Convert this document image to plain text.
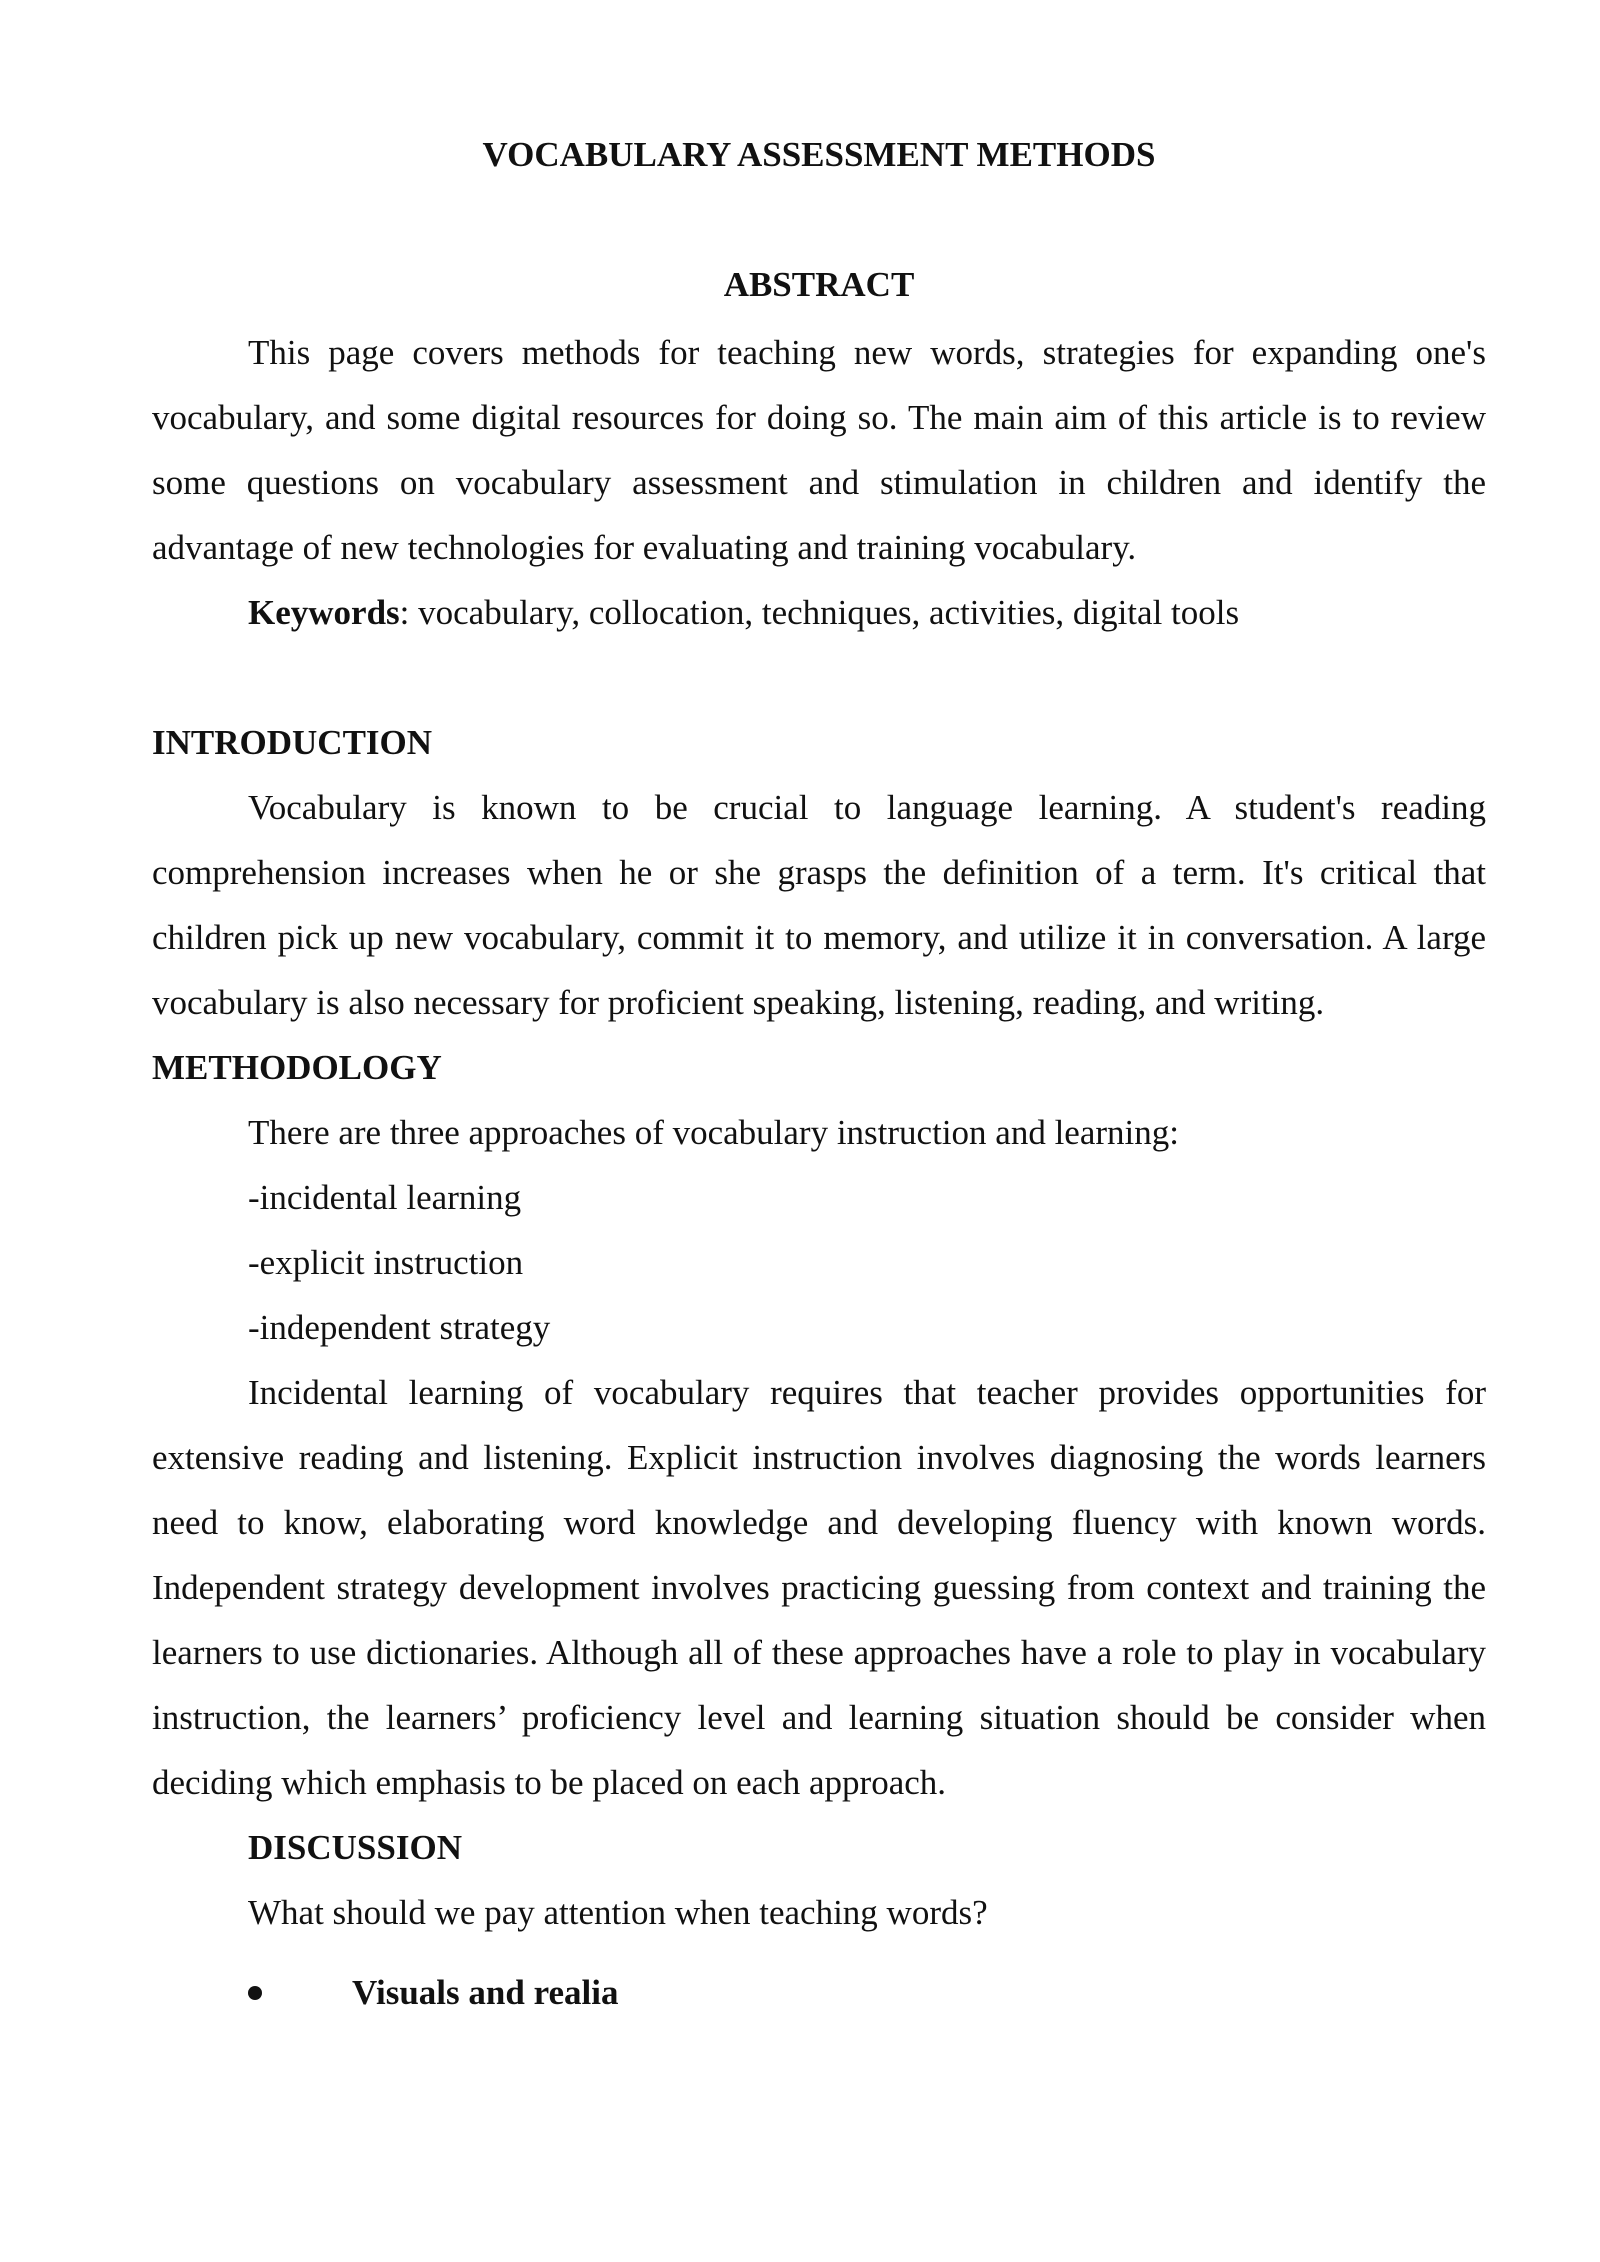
VOCABULARY ASSESSMENT METHODS
ABSTRACT
This page covers methods for teaching new words, strategies for expanding one's vocabulary, and some digital resources for doing so. The main aim of this article is to review some questions on vocabulary assessment and stimulation in children and identify the advantage of new technologies for evaluating and training vocabulary.
Keywords: vocabulary, collocation, techniques, activities, digital tools
INTRODUCTION
Vocabulary is known to be crucial to language learning. A student's reading comprehension increases when he or she grasps the definition of a term. It's critical that children pick up new vocabulary, commit it to memory, and utilize it in conversation. A large vocabulary is also necessary for proficient speaking, listening, reading, and writing.
METHODOLOGY
There are three approaches of vocabulary instruction and learning:
-incidental learning
-explicit instruction
-independent strategy
Incidental learning of vocabulary requires that teacher provides opportunities for extensive reading and listening. Explicit instruction involves diagnosing the words learners need to know, elaborating word knowledge and developing fluency with known words. Independent strategy development involves practicing guessing from context and training the learners to use dictionaries. Although all of these approaches have a role to play in vocabulary instruction, the learners’ proficiency level and learning situation should be consider when deciding which emphasis to be placed on each approach.
DISCUSSION
What should we pay attention when teaching words?
Visuals and realia
